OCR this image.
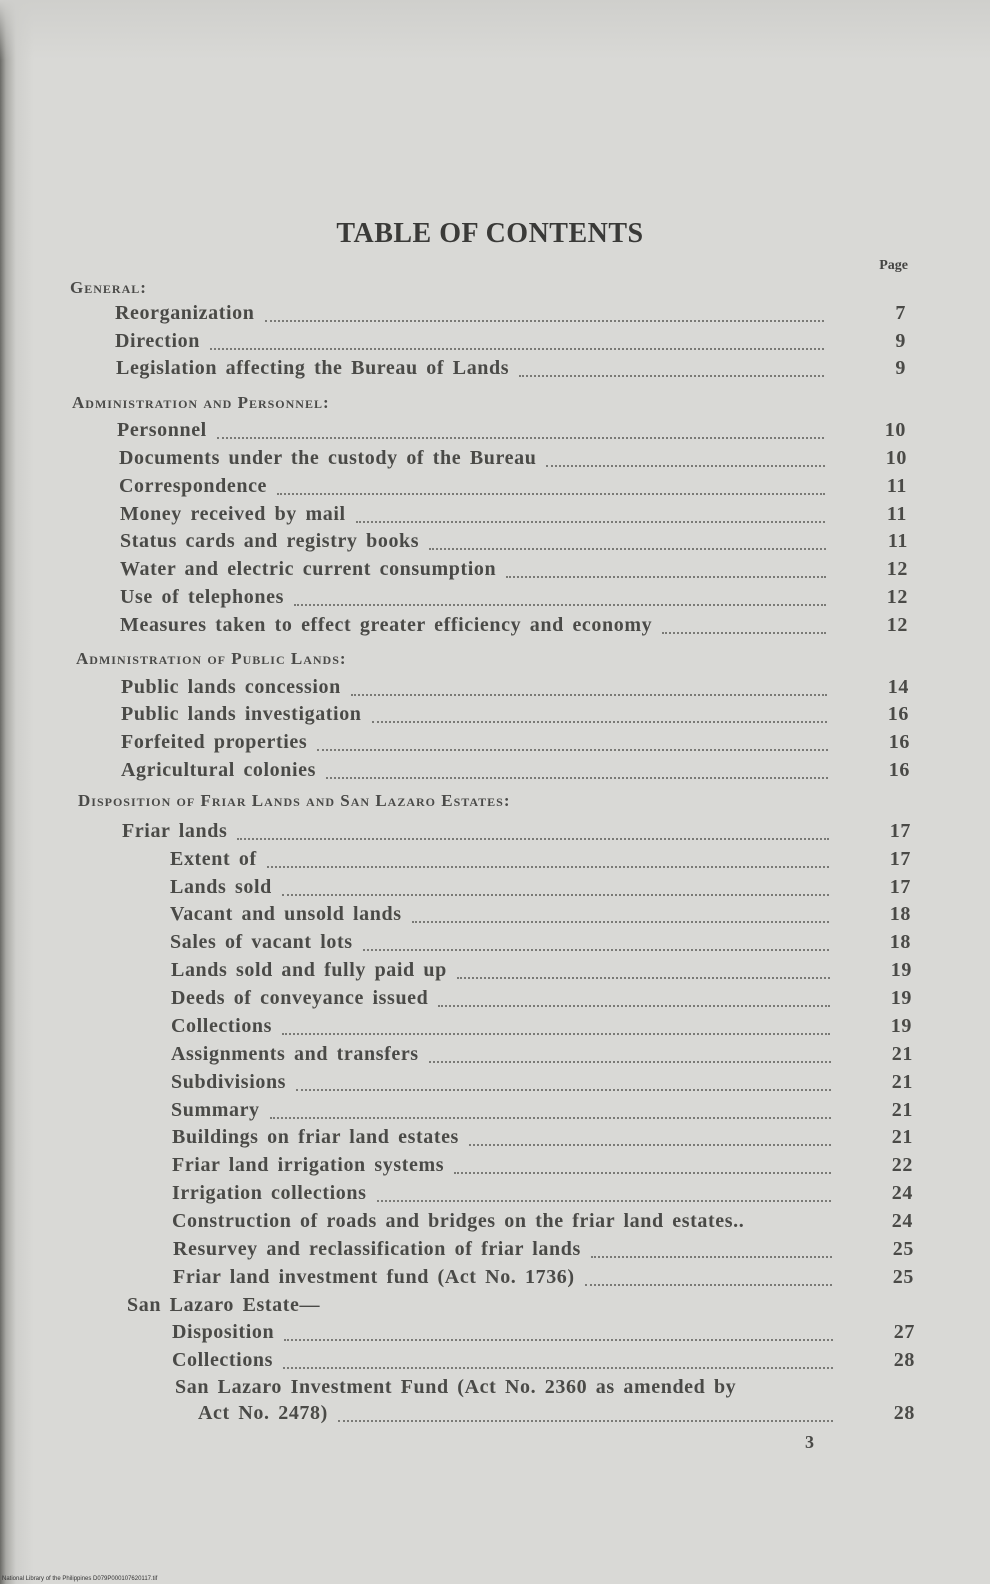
TABLE OF CONTENTS
Page
General:
Administration and Personnel:
Administration of Public Lands:
Disposition of Friar Lands and San Lazaro Estates:
Reorganization	7
Direction	9
Legislation affecting the Bureau of Lands	9
Personnel	10
Documents under the custody of the Bureau	10
Correspondence	11
Money received by mail	11
Status cards and registry books	11
Water and electric current consumption	12
Use of telephones	12
Measures taken to effect greater efficiency and economy	12
Public lands concession	14
Public lands investigation	16
Forfeited properties	16
Agricultural colonies	16
Friar lands	17
Extent of	17
Lands sold	17
Vacant and unsold lands	18
Sales of vacant lots	18
Lands sold and fully paid up	19
Deeds of conveyance issued	19
Collections	19
Assignments and transfers	21
Subdivisions	21
Summary	21
Buildings on friar land estates	21
Friar land irrigation systems	22
Irrigation collections	24
Construction of roads and bridges on the friar land estates..	24
Resurvey and reclassification of friar lands	25
Friar land investment fund (Act No. 1736)	25
San Lazaro Estate—
Disposition	27
Collections	28
San Lazaro Investment Fund (Act No. 2360 as amended by
Act No. 2478)	28
3
National Library of the Philippines D079P000107620117.tif
